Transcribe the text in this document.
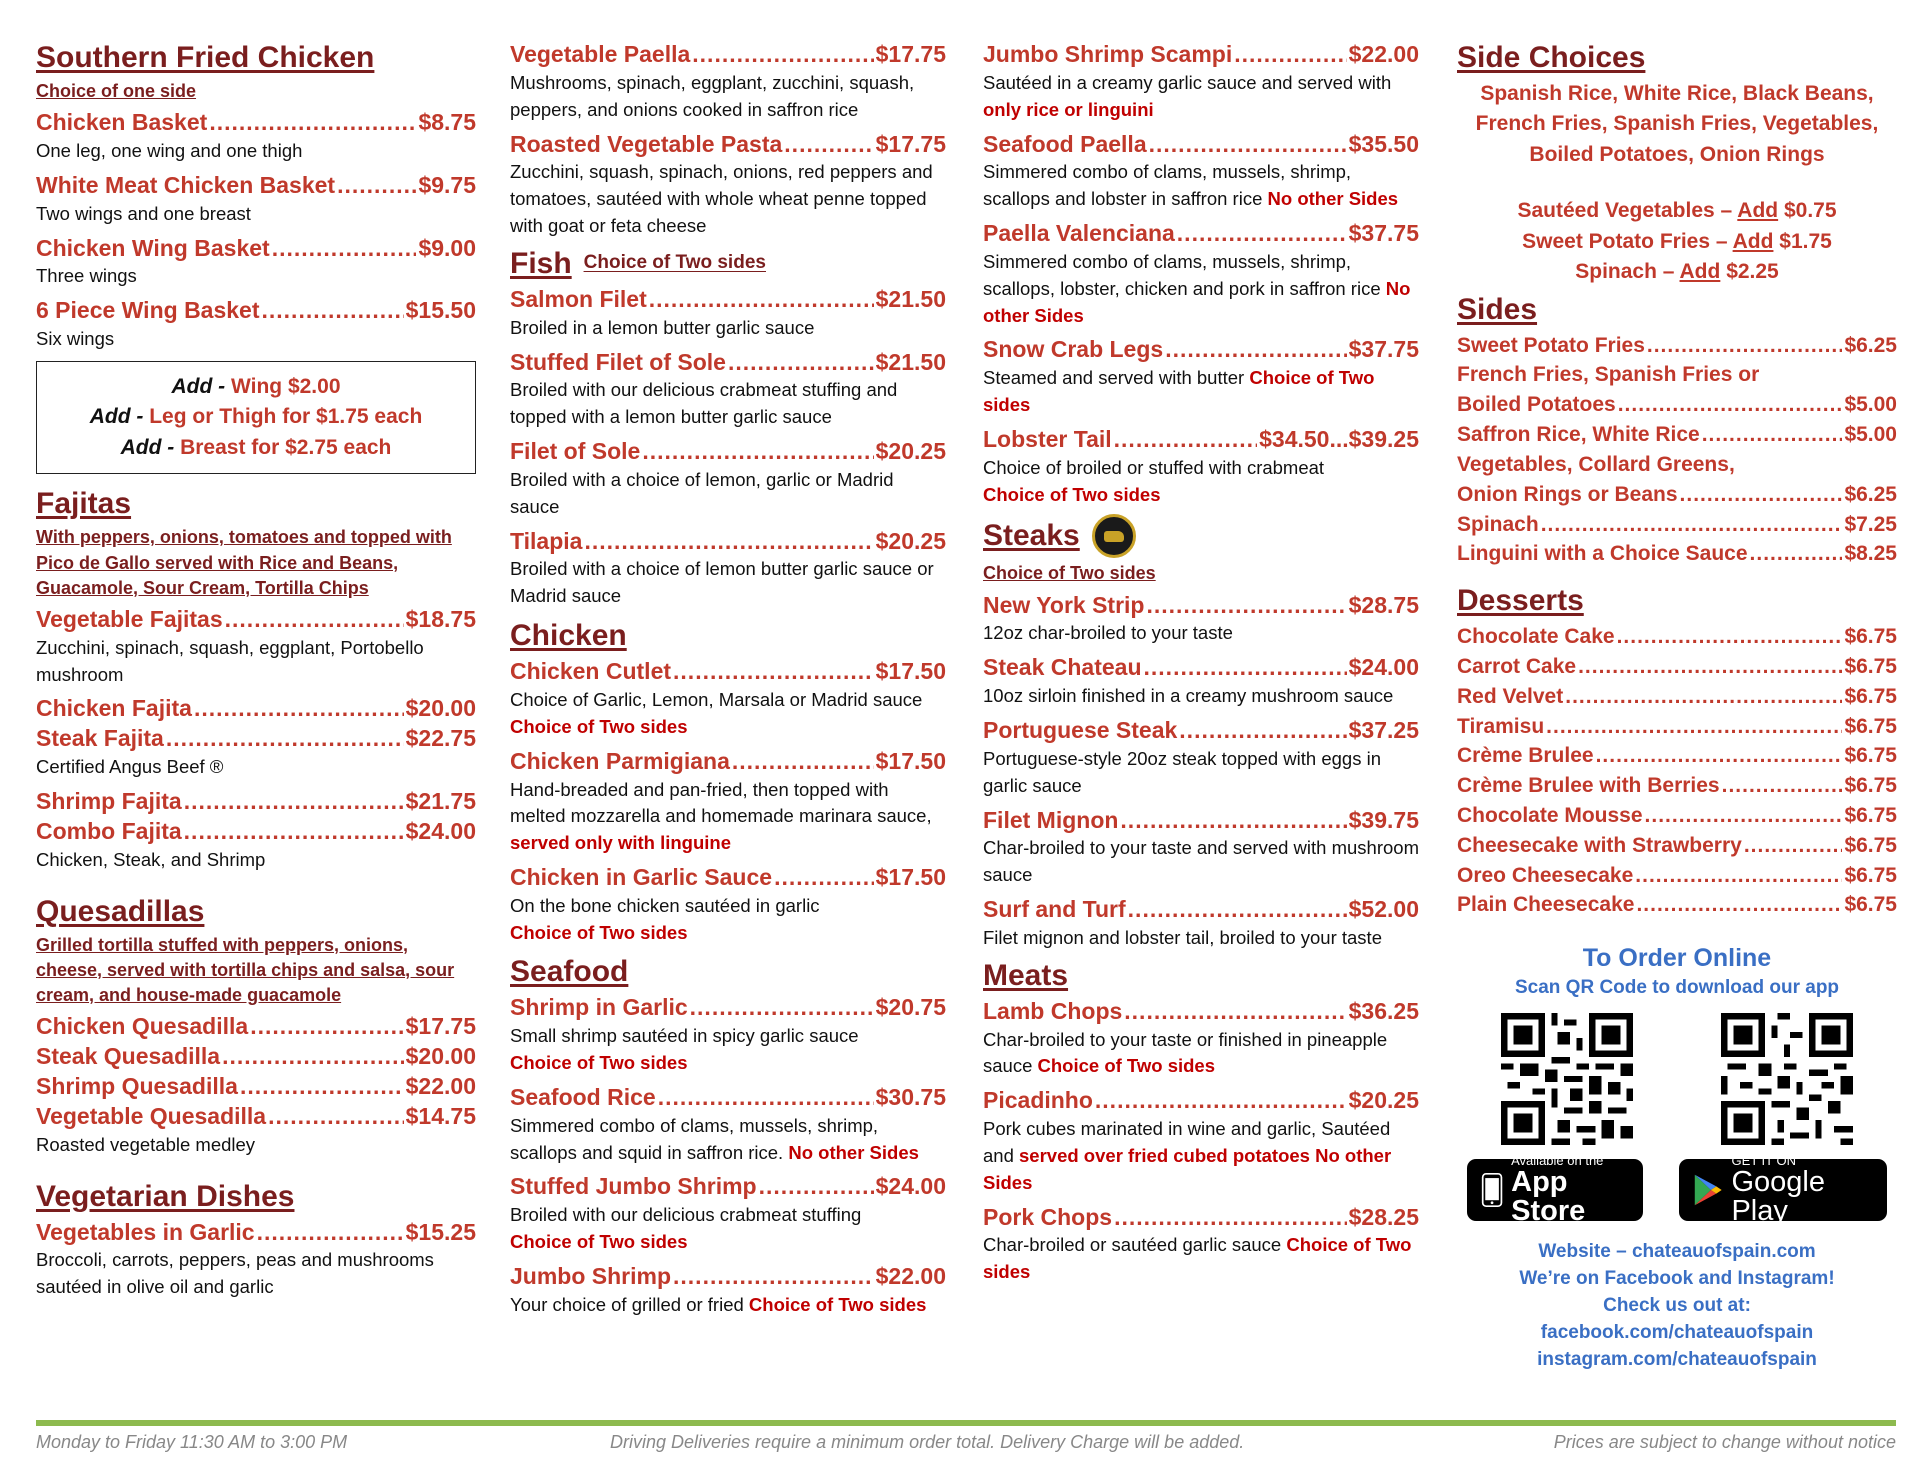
Southern Fried Chicken
Choice of one side
Chicken Basket .....	$8.75
One leg, one wing and one thigh
White Meat Chicken Basket .....	$9.75
Two wings and one breast
Chicken Wing Basket .....	$9.00
Three wings
6 Piece Wing Basket .....	$15.50
Six wings
Add - Wing $2.00
Add - Leg or Thigh for $1.75 each
Add - Breast for $2.75 each
Fajitas
With peppers, onions, tomatoes and topped with Pico de Gallo served with Rice and Beans, Guacamole, Sour Cream, Tortilla Chips
Vegetable Fajitas .....	$18.75
Zucchini, spinach, squash, eggplant, Portobello mushroom
Chicken Fajita .....	$20.00
Steak Fajita .....	$22.75
Certified Angus Beef ®
Shrimp Fajita .....	$21.75
Combo Fajita .....	$24.00
Chicken, Steak, and Shrimp
Quesadillas
Grilled tortilla stuffed with peppers, onions, cheese, served with tortilla chips and salsa, sour cream, and house-made guacamole
Chicken Quesadilla .....	$17.75
Steak Quesadilla .....	$20.00
Shrimp Quesadilla .....	$22.00
Vegetable Quesadilla .....	$14.75
Roasted vegetable medley
Vegetarian Dishes
Vegetables in Garlic .....	$15.25
Broccoli, carrots, peppers, peas and mushrooms sautéed in olive oil and garlic
Vegetable Paella .....	$17.75
Mushrooms, spinach, eggplant, zucchini, squash, peppers, and onions cooked in saffron rice
Roasted Vegetable Pasta .....	$17.75
Zucchini, squash, spinach, onions, red peppers and tomatoes, sautéed with whole wheat penne topped with goat or feta cheese
Fish Choice of Two sides
Salmon Filet .....	$21.50
Broiled in a lemon butter garlic sauce
Stuffed Filet of Sole .....	$21.50
Broiled with our delicious crabmeat stuffing and topped with a lemon butter garlic sauce
Filet of Sole .....	$20.25
Broiled with a choice of lemon, garlic or Madrid sauce
Tilapia .....	$20.25
Broiled with a choice of lemon butter garlic sauce or Madrid sauce
Chicken
Chicken Cutlet .....	$17.50
Choice of Garlic, Lemon, Marsala or Madrid sauce Choice of Two sides
Chicken Parmigiana .....	$17.50
Hand-breaded and pan-fried, then topped with melted mozzarella and homemade marinara sauce, served only with linguine
Chicken in Garlic Sauce .....	$17.50
On the bone chicken sautéed in garlic
Choice of Two sides
Seafood
Shrimp in Garlic .....	$20.75
Small shrimp sautéed in spicy garlic sauce
Choice of Two sides
Seafood Rice .....	$30.75
Simmered combo of clams, mussels, shrimp, scallops and squid in saffron rice. No other Sides
Stuffed Jumbo Shrimp .....	$24.00
Broiled with our delicious crabmeat stuffing
Choice of Two sides
Jumbo Shrimp .....	$22.00
Your choice of grilled or fried Choice of Two sides
Jumbo Shrimp Scampi .....	$22.00
Sautéed in a creamy garlic sauce and served with only rice or linguini
Seafood Paella .....	$35.50
Simmered combo of clams, mussels, shrimp, scallops and lobster in saffron rice No other Sides
Paella Valenciana .....	$37.75
Simmered combo of clams, mussels, shrimp, scallops, lobster, chicken and pork in saffron rice No other Sides
Snow Crab Legs .....	$37.75
Steamed and served with butter Choice of Two sides
Lobster Tail .....	$34.50...$39.25
Choice of broiled or stuffed with crabmeat
Choice of Two sides
Steaks
Choice of Two sides
New York Strip .....	$28.75
12oz char-broiled to your taste
Steak Chateau .....	$24.00
10oz sirloin finished in a creamy mushroom sauce
Portuguese Steak .....	$37.25
Portuguese-style 20oz steak topped with eggs in garlic sauce
Filet Mignon .....	$39.75
Char-broiled to your taste and served with mushroom sauce
Surf and Turf .....	$52.00
Filet mignon and lobster tail, broiled to your taste
Meats
Lamb Chops .....	$36.25
Char-broiled to your taste or finished in pineapple sauce Choice of Two sides
Picadinho .....	$20.25
Pork cubes marinated in wine and garlic, Sautéed and served over fried cubed potatoes No other Sides
Pork Chops .....	$28.25
Char-broiled or sautéed garlic sauce Choice of Two sides
Side Choices
Spanish Rice, White Rice, Black Beans,
French Fries, Spanish Fries, Vegetables,
Boiled Potatoes, Onion Rings
Sautéed Vegetables – Add $0.75
Sweet Potato Fries – Add $1.75
Spinach – Add $2.25
Sides
Sweet Potato Fries .....	$6.25
French Fries, Spanish Fries or
Boiled Potatoes .....	$5.00
Saffron Rice, White Rice .....	$5.00
Vegetables, Collard Greens,
Onion Rings or Beans .....	$6.25
Spinach .....	$7.25
Linguini with a Choice Sauce .....	$8.25
Desserts
Chocolate Cake .....	$6.75
Carrot Cake .....	$6.75
Red Velvet .....	$6.75
Tiramisu .....	$6.75
Crème Brulee .....	$6.75
Crème Brulee with Berries .....	$6.75
Chocolate Mousse .....	$6.75
Cheesecake with Strawberry .....	$6.75
Oreo Cheesecake .....	$6.75
Plain Cheesecake .....	$6.75
To Order Online
Scan QR Code to download our app
Available on the
App Store
GET IT ON
Google Play
Website – chateauofspain.com
We’re on Facebook and Instagram!
Check us out at:
facebook.com/chateauofspain
instagram.com/chateauofspain
Monday to Friday 11:30 AM to 3:00 PM	Driving Deliveries require a minimum order total. Delivery Charge will be added.	Prices are subject to change without notice
